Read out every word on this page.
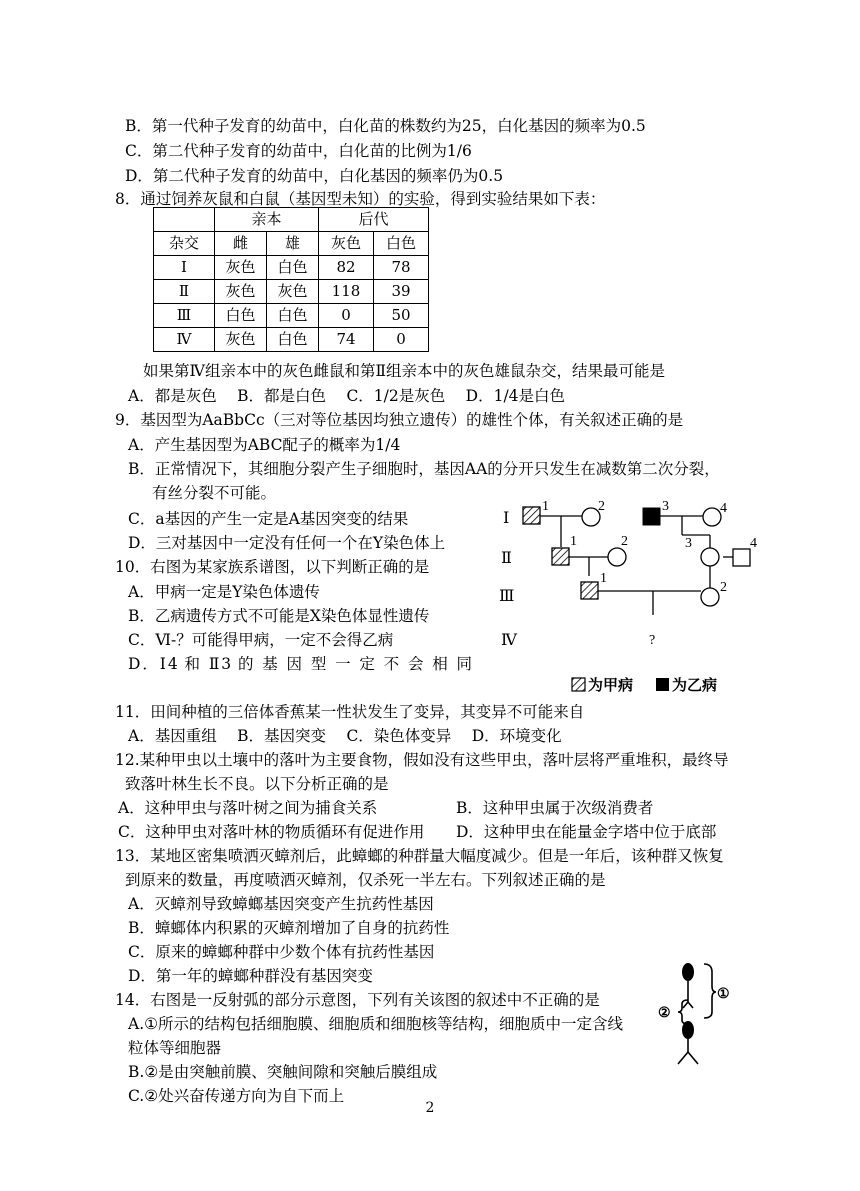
B．第一代种子发育的幼苗中，白化苗的株数约为25，白化基因的频率为0.5
C．第二代种子发育的幼苗中，白化苗的比例为1/6
D．第二代种子发育的幼苗中，白化基因的频率仍为0.5
8．通过饲养灰鼠和白鼠（基因型未知）的实验，得到实验结果如下表：
	亲本		后代	
杂交	雌	雄	灰色	白色
Ⅰ	灰色	白色	82	78
Ⅱ	灰色	灰色	118	39
Ⅲ	白色	白色	0	50
Ⅳ	灰色	白色	74	0
如果第Ⅳ组亲本中的灰色雌鼠和第Ⅱ组亲本中的灰色雄鼠杂交，结果最可能是
A．都是灰色　 B．都是白色　 C．1/2是灰色　 D．1/4是白色
9．基因型为AaBbCc（三对等位基因均独立遗传）的雄性个体，有关叙述正确的是
A．产生基因型为ABC配子的概率为1/4
B．正常情况下，其细胞分裂产生子细胞时，基因AA的分开只发生在减数第二次分裂，
有丝分裂不可能。
C．a基因的产生一定是A基因突变的结果
D．三对基因中一定没有任何一个在Y染色体上
10．右图为某家族系谱图，以下判断正确的是
A．甲病一定是Y染色体遗传
B．乙病遗传方式不可能是X染色体显性遗传
C．Ⅵ-？可能得甲病，一定不会得乙病
D．Ⅰ4 和 Ⅱ3 的 基 因 型 一 定 不 会 相 同
Ⅰ
Ⅱ
Ⅲ
Ⅳ
1	2	3	4
1	2	3	4
1
2
?
为甲病	为乙病
11．田间种植的三倍体香蕉某一性状发生了变异，其变异不可能来自
A．基因重组　 B．基因突变　 C．染色体变异　 D．环境变化
12.某种甲虫以土壤中的落叶为主要食物，假如没有这些甲虫，落叶层将严重堆积，最终导
致落叶林生长不良。以下分析正确的是
A．这种甲虫与落叶树之间为捕食关系	B．这种甲虫属于次级消费者
C．这种甲虫对落叶林的物质循环有促进作用 D．这种甲虫在能量金字塔中位于底部
13．某地区密集喷洒灭蟑剂后，此蟑螂的种群量大幅度减少。但是一年后，该种群又恢复
到原来的数量，再度喷洒灭蟑剂，仅杀死一半左右。下列叙述正确的是
A．灭蟑剂导致蟑螂基因突变产生抗药性基因
B．蟑螂体内积累的灭蟑剂增加了自身的抗药性
C．原来的蟑螂种群中少数个体有抗药性基因
D．第一年的蟑螂种群没有基因突变
14．右图是一反射弧的部分示意图，下列有关该图的叙述中不正确的是
A.①所示的结构包括细胞膜、细胞质和细胞核等结构，细胞质中一定含线
粒体等细胞器
B.②是由突触前膜、突触间隙和突触后膜组成
C.②处兴奋传递方向为自下而上
①
②
2
